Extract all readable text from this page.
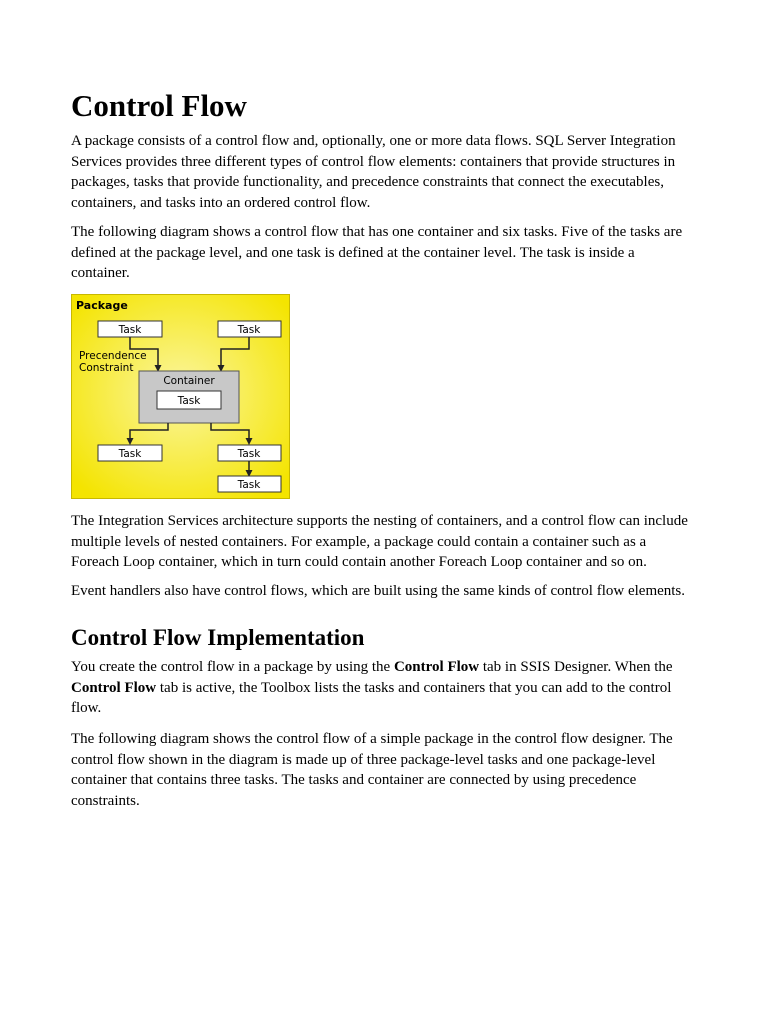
Control Flow

A package consists of a control flow and, optionally, one or more data flows. SQL Server Integration Services provides three different types of control flow elements: containers that provide structures in packages, tasks that provide functionality, and precedence constraints that connect the executables, containers, and tasks into an ordered control flow.

The following diagram shows a control flow that has one container and six tasks. Five of the tasks are defined at the package level, and one task is defined at the container level. The task is inside a container.

The Integration Services architecture supports the nesting of containers, and a control flow can include multiple levels of nested containers. For example, a package could contain a container such as a Foreach Loop container, which in turn could contain another Foreach Loop container and so on.

Event handlers also have control flows, which are built using the same kinds of control flow elements.

Control Flow Implementation

You create the control flow in a package by using the Control Flow tab in SSIS Designer. When the Control Flow tab is active, the Toolbox lists the tasks and containers that you can add to the control flow.

The following diagram shows the control flow of a simple package in the control flow designer. The control flow shown in the diagram is made up of three package-level tasks and one package-level container that contains three tasks. The tasks and container are connected by using precedence constraints.

Package
Task	Task
Precendence
Constraint
Container
Task
Task	Task
Task
